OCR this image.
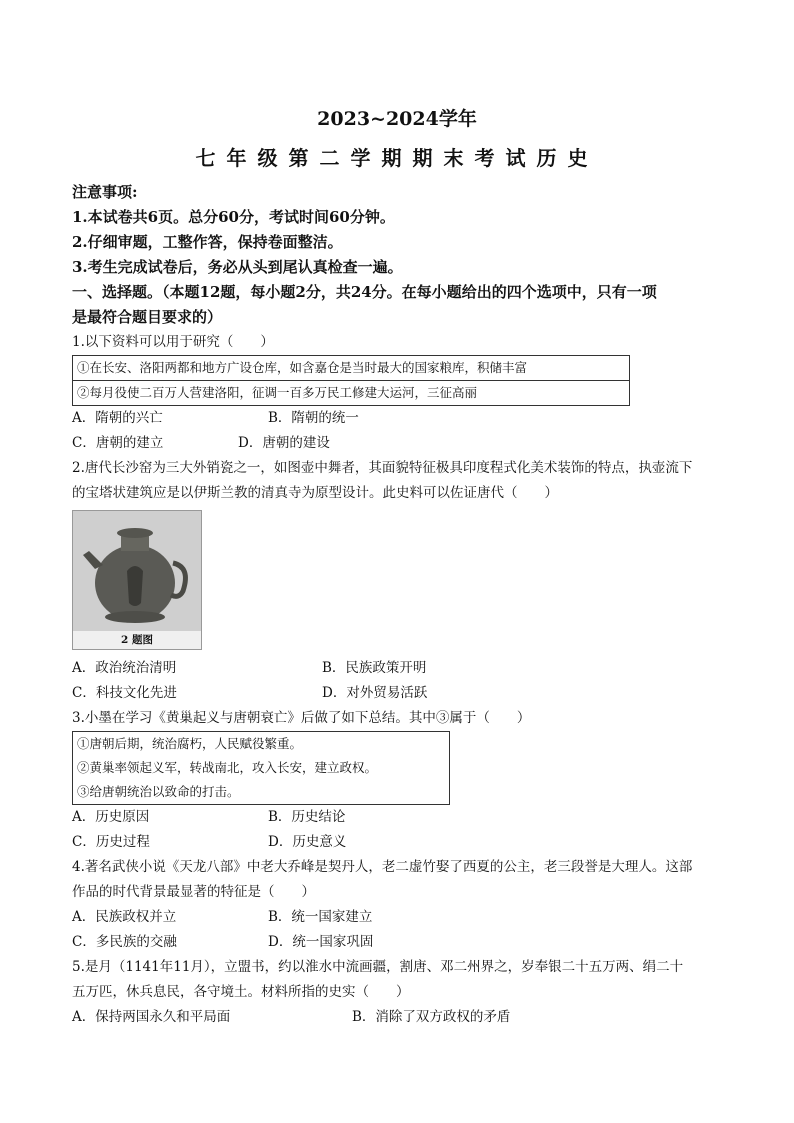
2023~2024学年
七年级第二学期期末考试历史
注意事项:
1.本试卷共6页。总分60分，考试时间60分钟。
2.仔细审题，工整作答，保持卷面整洁。
3.考生完成试卷后，务必从头到尾认真检查一遍。
一、选择题。（本题12题，每小题2分，共24分。在每小题给出的四个选项中，只有一项
是最符合题目要求的）
1.以下资料可以用于研究（　　）
①在长安、洛阳两都和地方广设仓库，如含嘉仓是当时最大的国家粮库，积储丰富
②每月役使二百万人营建洛阳，征调一百多万民工修建大运河，三征高丽
A．隋朝的兴亡	B．隋朝的统一
C．唐朝的建立	D．唐朝的建设
2.唐代长沙窑为三大外销瓷之一，如图壶中舞者，其面貌特征极具印度程式化美术装饰的特点，执壶流下
的宝塔状建筑应是以伊斯兰教的清真寺为原型设计。此史料可以佐证唐代（　　）
2 题图
A．政治统治清明	B．民族政策开明
C．科技文化先进	D．对外贸易活跃
3.小墨在学习《黄巢起义与唐朝衰亡》后做了如下总结。其中③属于（　　）
①唐朝后期，统治腐朽，人民赋役繁重。
②黄巢率领起义军，转战南北，攻入长安，建立政权。
③给唐朝统治以致命的打击。
A．历史原因	B．历史结论
C．历史过程	D．历史意义
4.著名武侠小说《天龙八部》中老大乔峰是契丹人，老二虚竹娶了西夏的公主，老三段誉是大理人。这部
作品的时代背景最显著的特征是（　　）
A．民族政权并立	B．统一国家建立
C．多民族的交融	D．统一国家巩固
5.是月（1141年11月），立盟书，约以淮水中流画疆，割唐、邓二州界之，岁奉银二十五万两、绢二十
五万匹，休兵息民，各守境土。材料所指的史实（　　）
A．保持两国永久和平局面	B．消除了双方政权的矛盾
